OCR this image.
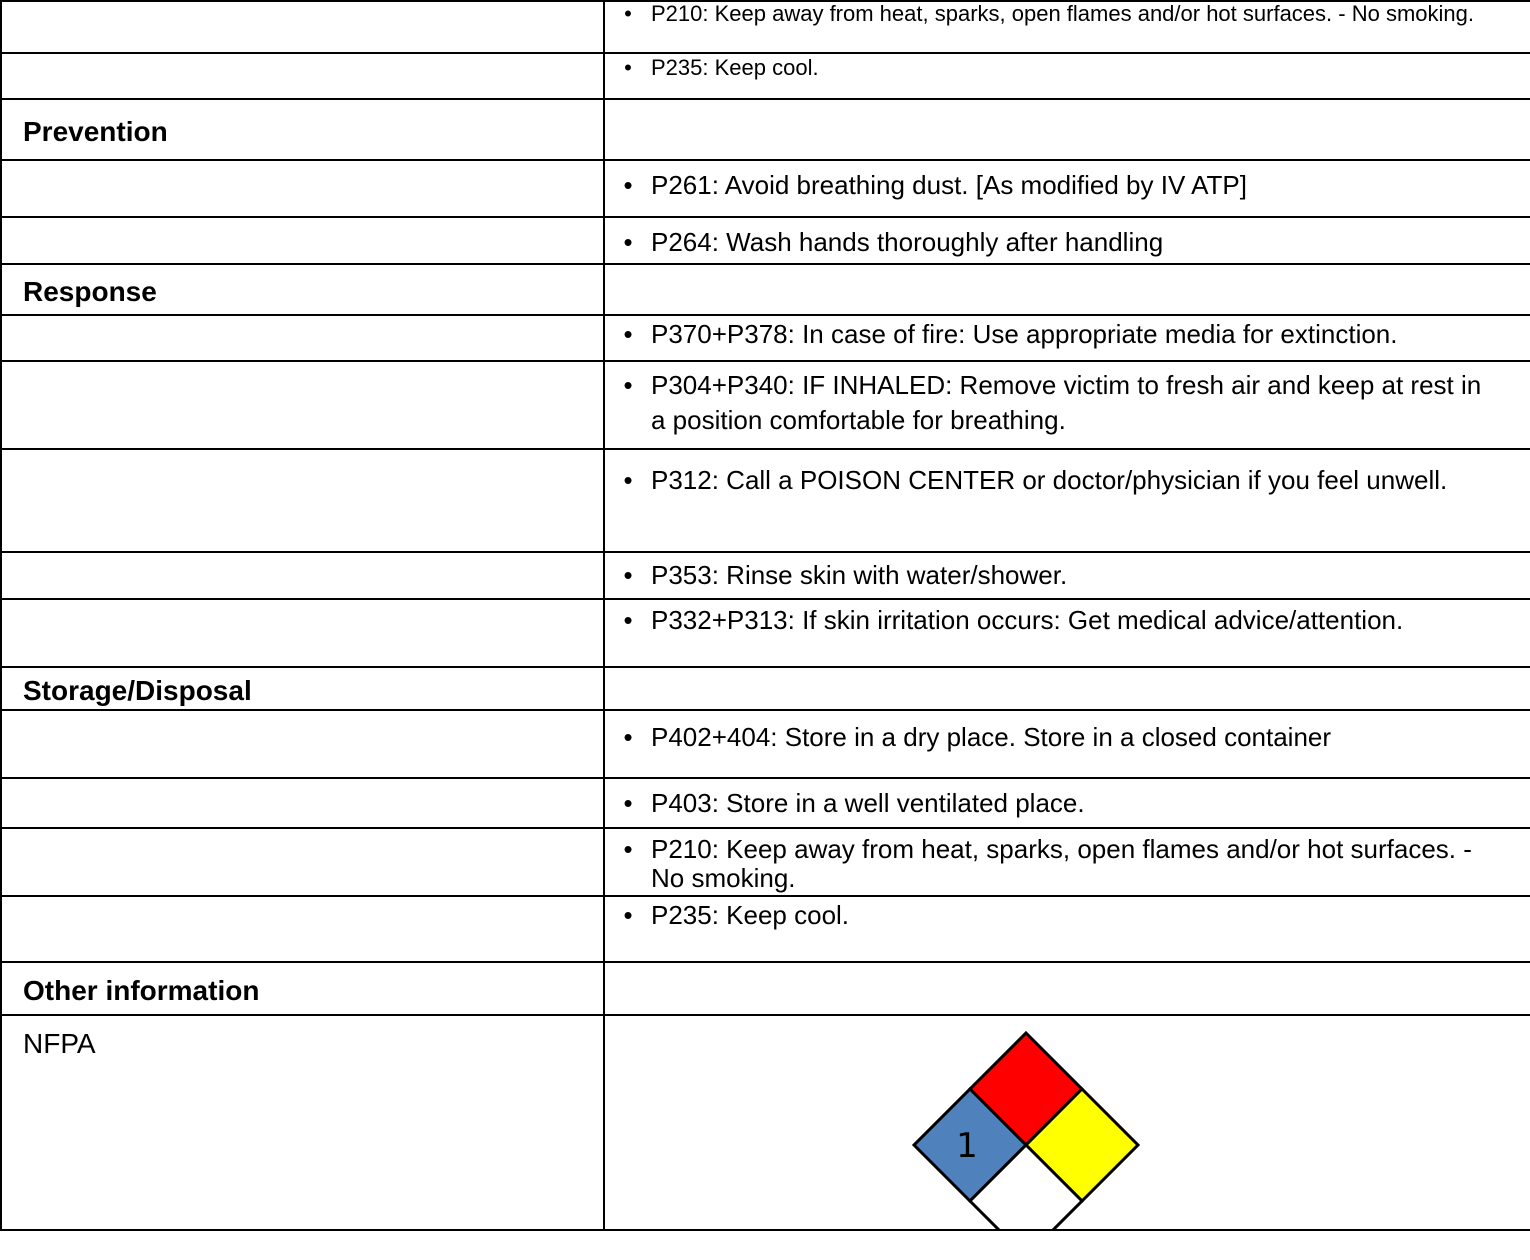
	• P210: Keep away from heat, sparks, open flames and/or hot surfaces. - No smoking.

	• P235: Keep cool.

Prevention	

	• P261: Avoid breathing dust. [As modified by IV ATP]

	• P264: Wash hands thoroughly after handling

Response	

	• P370+P378: In case of fire: Use appropriate media for extinction.

	• P304+P340: IF INHALED: Remove victim to fresh air and keep at rest in a position comfortable for breathing.

	• P312: Call a POISON CENTER or doctor/physician if you feel unwell.

	• P353: Rinse skin with water/shower.

	• P332+P313: If skin irritation occurs: Get medical advice/attention.

Storage/Disposal	

	• P402+404: Store in a dry place. Store in a closed container

	• P403: Store in a well ventilated place.

	• P210: Keep away from heat, sparks, open flames and/or hot surfaces. - No smoking.

	• P235: Keep cool.

Other information	

NFPA	1
